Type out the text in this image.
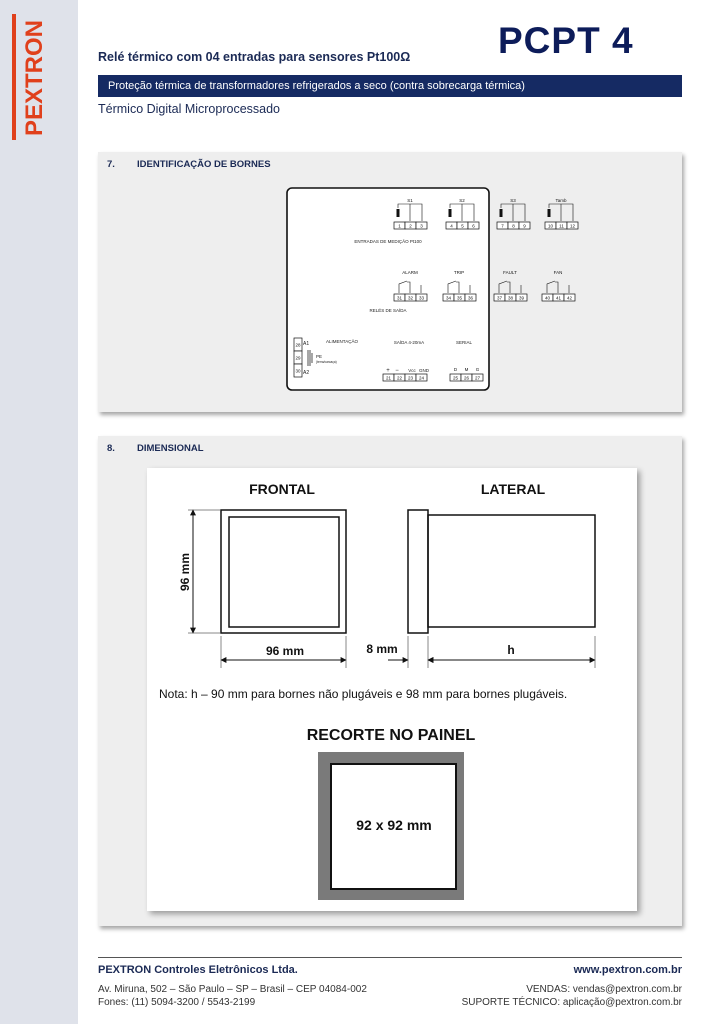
PEXTRON	Relé térmico com 04 entradas para sensores Pt100Ω PCPT 4
Proteção térmica de transformadores refrigerados a seco (contra sobrecarga térmica)
Térmico Digital Microprocessado
7. IDENTIFICAÇÃO DE BORNES
S1
1 2 3
S2
4 5 6
S3
7 8 9
Tamb
10 11 12
ENTRADAS DE MEDIÇÃO Pt100
ALARM
31 32 33
TRIP
34 35 36
FAULT
37 38 39
FAN
40 41 42
RELÉS DE SAÍDA
ALIMENTAÇÃO
28
29
30
A1
A2
PE
(terra/carcaça)
SAÍDA 4-20mA
+ − Vcc GND
21 22 23 24
SERIAL
D M G
25 26 27
8. DIMENSIONAL
FRONTAL	LATERAL
96 mm
96 mm	8 mm	h
Nota: h – 90 mm para bornes não plugáveis e 98 mm para bornes plugáveis.
RECORTE NO PAINEL
92 x 92 mm
PEXTRON Controles Eletrônicos Ltda.	www.pextron.com.br
Av. Miruna, 502 – São Paulo – SP – Brasil – CEP 04084-002
Fones: (11) 5094-3200 / 5543-2199
VENDAS: vendas@pextron.com.br
SUPORTE TÉCNICO: aplicação@pextron.com.br
